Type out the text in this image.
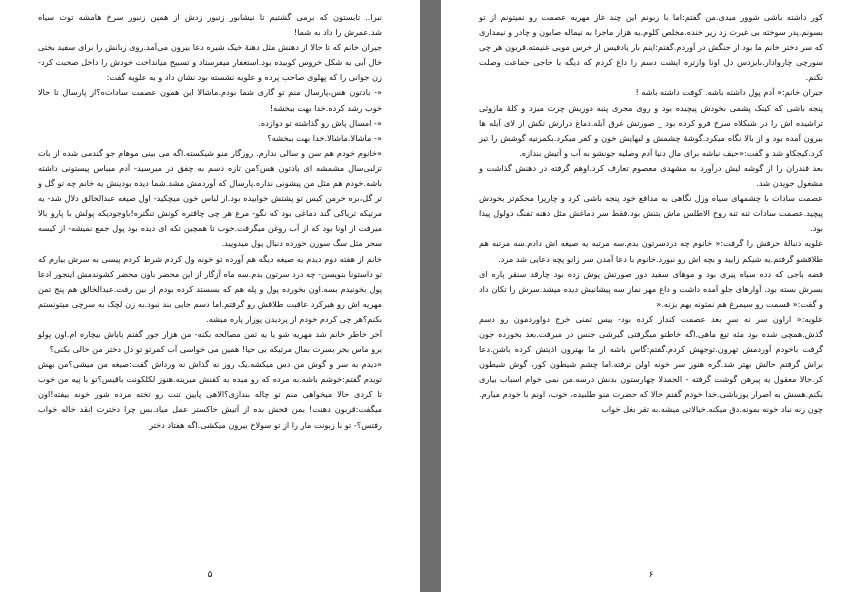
نبرا.. تابستون که برمی گشتیم تا نیشابور زنبور زدش از همین زنبور سرخ هامشه توت سیاه شد.عمرش را داد به شما!

جیران خانم که تا حالا از دهنش مثل دهنهٔ خیک شیره دعا بیرون می‌آمد.روی زبانش را برای سفید بختی خال آبی به شکل خروس کوبیده بود.استغفار میفرستاد و تسبیح میانداخت خودش را داخل صحبت کرد- زن جوانی را که پهلوی صاحب پرده و علویه نشسته بود نشان داد و به علویه گفت:

«- بادتون هس،پارسال منم تو گاری شما بودم.ماشالا این همون عصمت سادات‌ه؟از پارسال تا حالا خوب رشد کرده.خدا بهت ببخشه!

«- امسال پاش رو گذاشته تو دوازده.

«- ماشالا.ماشالا.خدا بهت ببخشه؟

«خانوم خودم هم سن و سالی ندارم. روزگار منو شیکسته.اگه می بینی موهام جو گندمی شده از بات تزلبی‌سال مشمشه ای یادتون هس؟من تازه دسم به چفق در میرسید- آدم میباس پیستونی داشته باشه.خودم هم مثل من پیشونی نداره.پارسال که آوردمش مشد.شما دیده بودینش یه خانم چه تو گل و تر گل،بره خرمن کیس تو پشتش خوابیده بود.از لباس خون میچکید- اول صیغه عبدالخالق دلال شد- یه مرتیکه تریاکی گند دماغی بود که نگو- مرغ هر چی چاقتره کونش تنگتره!باوجودیکه پولش با پارو بالا میرفت از اونا بود که از آب روغن میگرفت.خوب تا همچین تکه ای دیده بود پول جمع نمیشه- از کیسه سحر مثل سگ سوزن خورده دنبال پول میدویید.

خانم از هفته دوم دیدم یه صیغه دیگه هم آورده تو خونه ول کردم شرط کردم پیسی به سرش بیارم که تو داستونا بنویسن- چه درد سرتون بدم.سه ماه آزگار از این محضر باون محضر کشوندمش اینجور ادعا پول بخونیدم بسه.اون بخورده پول و پله هم که بسستد کرده بودم از بین رفت.عبدالخالق هم پنج تمن مهریه اش رو هیرکرد عاقبت طلاقش رو گرفتم.اما دسم جایی بند نبود.به زن لچک به سرچی میتونستم بکنم؟هر چی کردم خودم از پردیدن پوزار پاره میشه.

آخر خاطر خانم شد مهریه شو یا یه تمن مصالحه بکنه- من هزار جور گفتم باباش بیچاره ام.اون پولو برو ماس بخر بسرت بمال مرتیکه بی حیا! همین می خواسی آب کمرتو تو دل دختر من خالی بکنی؟

«دیدم به سر و گوش من دس میکشه.یک روز نه گذاش نه ورداش گفت:صیغه من میشی؟من بهش تویدم گفتم:خوشم باشه.به مرده که رو میده به کفنش میرینه.هنوز لکلکونت باقیس؟تو با پیه من خوب تا کردی حالا میخواهی منم تو چاله بندازی؟الاهی پایین تنت رو تخته مرده شور خونه بیفته!اون میگفت:قربون دهنت! بمن فحش بده از آتیش خاکستر عمل میاد.بس چرا دخترت انقد خاله خواب رفتس؟- تو با زبونت مار را از تو سولاخ بیرون میکشی.اگه هفتاد دختر

۵

کور داشته باشی شوور میدی.من گفتم:اما با زبونم این چند غاز مهریه عصمت رو نمیتونم از تو بسونم.پدر سوخته بی غیرت زد زیر خنده.مخلص کلوم.یه هزار ماجرا به نیماله صابون و چادر و نیمداری که سر دختر خانم ما بود از جنگش در آوردم.گفتم:اینم بار یادفیس از خرس مویی غنیمته.قربون هر چی سورچی چاروادار.بایزدس دل اونا وازتره ایشت دسم را داغ کردم که دیگه با حاجی جماعت وصلت نکنم.

جیران خانم:« آدم پول داشته باشه. کوفت داشته باشه !

پنجه باشی که کینک پشمی بخودش پیچیده بود و روی مجری پنبه دوزیش چرت میزد و کلهٔ مازوئی تراشیده اش را در شبکلاه سرخ فرو کرده بود _ صورتش غرق آبله.دماغ درازش تکش از لای آبله ها بیرون آمده بود و از بالا نگاه میکرد.گوشهٔ چشمش و لبهایش خون و کفر میکرد.بکمرنیه گوشش را تیز کرد.کیجکاو شد و گفت:«حیف نباشه برای مال دنیا آدم وصلیه جونشو به آب و آتیش بندازه.

بعد قندران را از گوشه لیش درآورد به مشهدی معصوم تعارف کرد.اوهم گرفته در دهنش گذاشت و مشغول جویدن شد.

عصمت سادات با چشمهای سیاه وزل نگاهی به مدافع خود پنجه باشی کرد و چارپرا محکم‌تر بخودش پیچید.عصمت سادات تنه تنه روح الاطلس ماش بتنش بود.فقط سر دماغش مثل دهنه تفنگ دولول پیدا بود.

علویه دنبالهٔ حرفش را گرفت:« خانوم چه دردسرتون بدم.سه مرتبه یه صیغه اش دادم.سه مرتبه هم طلاقشو گرفتم.یه شیکم زایید و بچه اش رو نبورد.خانوم با دعا آمدن سر زانو پچه دعایی شد مرد.

فضه باجی که دده سیاه پیری بود و موهای سفید دور صورتش پوش زده بود چارقد سنقر پاره ای بسرش بسته بود. آوارهای جلو آمده داشت و داغ مهر نماز سه پیشانیش دیده میشد.سرش را تکان داد و گفت:« قسمت رو سیمرغ هم نمتونه بهم بزنه.«

علویه:« ازاون سر نه سرِ بعد عصمت کنداز کرده بود- ییس تمنی خرج دواوردمون رو دسم گذش.همچی شده بود مثه تیغ ماهی.اگه خاطتو میگرفتی گیرشی جنس در میرفت.بعد بخورده جون گرفت باخودم آوردمش تهرون.توجهش کردم.گفتم:گاس باشه از ما بهترون اذیتش کرده باشن.دعا براش گرفتم حالش بهتر شد.گره هنوز سر خونه اولن نرفته.اما چشم شیطون کور، گوش شیطون کر.حالا معقول یه پیرهن گوشت گرفته - الحمدلا چهارستون بدنش درسه.من نمی خوام اسباب بیاری بکنم.هسش به اصرار یوزباشی.خدا خودم گفتم حالا که حضرت منو طلبیده، خوب، اونم با خودم میارم. چون زنه نباد خونه بمونه.دق میکنه.خیالاتی میشه.به تقر بغل خواب

۶
